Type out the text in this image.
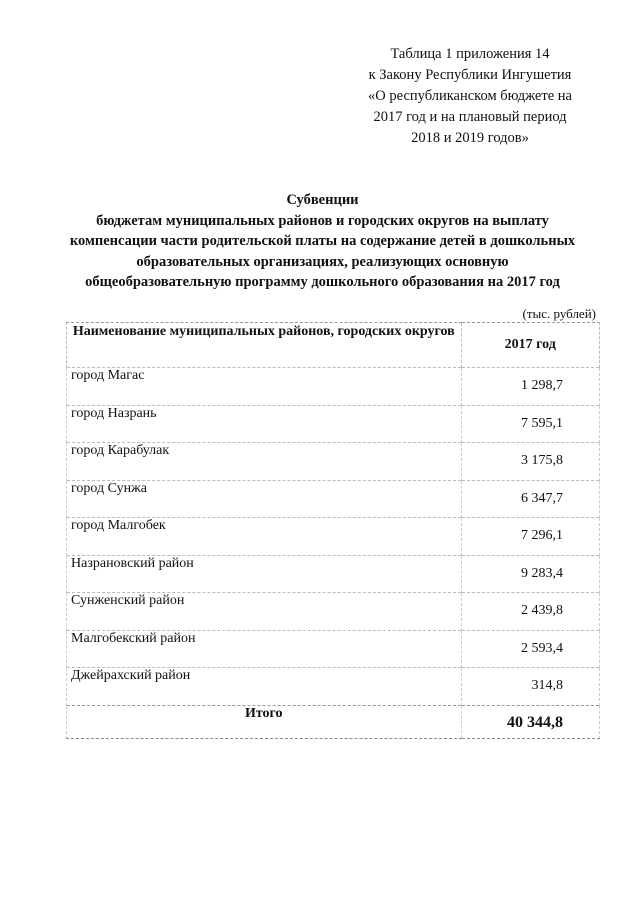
Таблица 1 приложения 14
к Закону Республики Ингушетия
«О республиканском бюджете на
2017 год и на плановый период
2018 и 2019 годов»
Субвенции
бюджетам муниципальных районов и городских округов на выплату
компенсации части родительской платы на содержание детей в дошкольных
образовательных организациях, реализующих основную
общеобразовательную программу дошкольного образования на 2017 год
(тыс. рублей)
Наименование муниципальных районов, городских округов	2017 год
город Магас	1 298,7
город Назрань	7 595,1
город Карабулак	3 175,8
город Сунжа	6 347,7
город Малгобек	7 296,1
Назрановский район	9 283,4
Сунженский район	2 439,8
Малгобекский район	2 593,4
Джейрахский район	314,8
Итого	40 344,8
